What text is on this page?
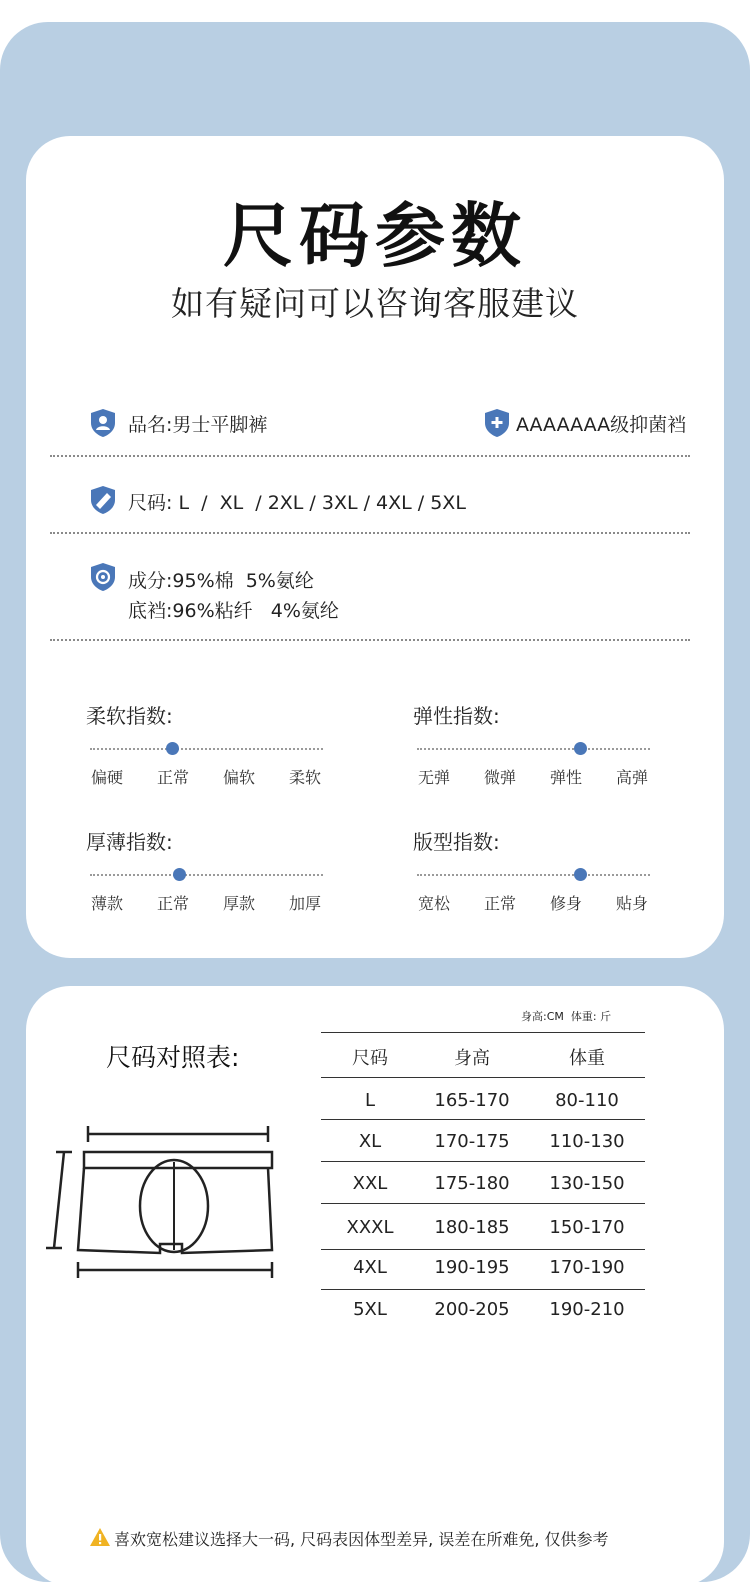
尺码参数
如有疑问可以咨询客服建议
品名:男士平脚裤	AAAAAAA级抑菌裆
尺码: L  /  XL  / 2XL / 3XL / 4XL / 5XL
成分:95%棉  5%氨纶
底裆:96%粘纤   4%氨纶
柔软指数:
偏硬	正常	偏软	柔软
弹性指数:
无弹	微弹	弹性	高弹
厚薄指数:
薄款	正常	厚款	加厚
版型指数:
宽松	正常	修身	贴身
身高:CM  体重: 斤
尺码对照表:	尺码	身高	体重
L	165-170	80-110
XL	170-175	110-130
XXL	175-180	130-150
XXXL	180-185	150-170
4XL	190-195	170-190
5XL	200-205	190-210
喜欢宽松建议选择大一码, 尺码表因体型差异, 误差在所难免, 仅供参考
